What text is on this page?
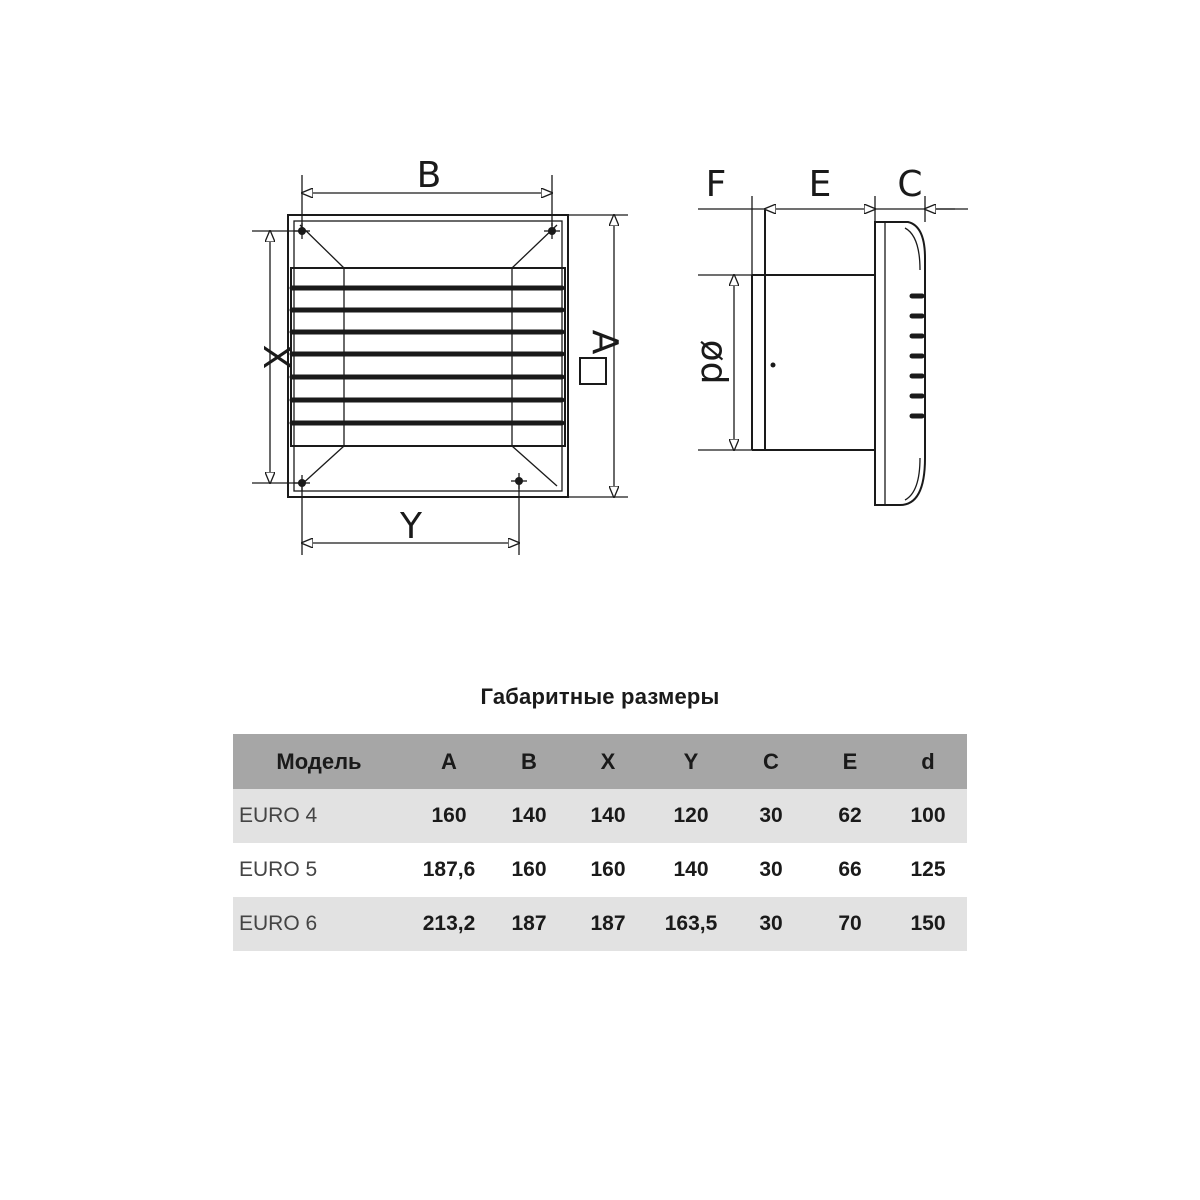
B
X
Y
A
F E C
ød
Габаритные размеры
Модель	A	B	X	Y	C	E	d
EURO 4	160	140	140	120	30	62	100
EURO 5	187,6	160	160	140	30	66	125
EURO 6	213,2	187	187	163,5	30	70	150
